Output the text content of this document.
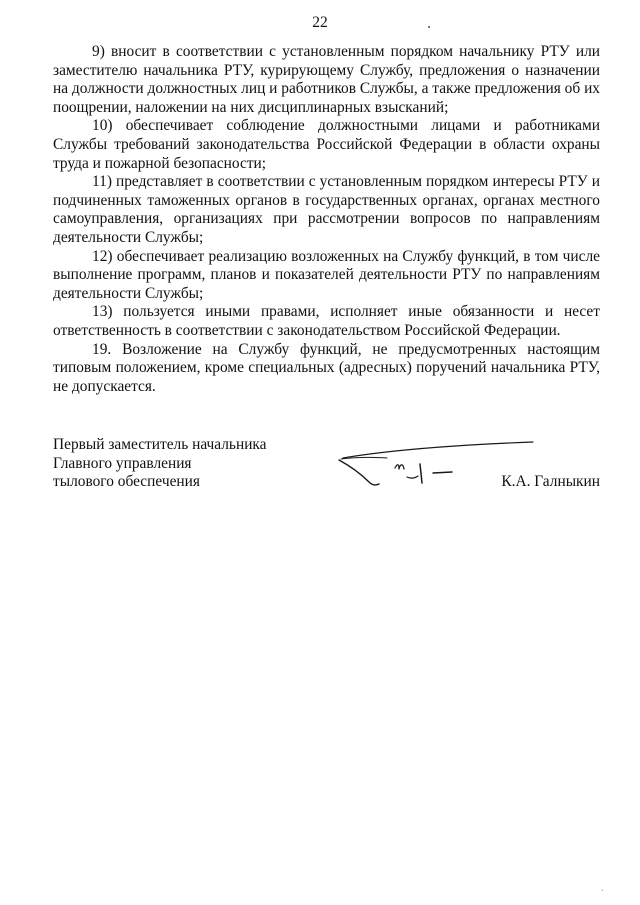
22

9) вносит в соответствии с установленным порядком начальнику РТУ или заместителю начальника РТУ, курирующему Службу, предложения о назначении на должности должностных лиц и работников Службы, а также предложения об их поощрении, наложении на них дисциплинарных взысканий;

10) обеспечивает соблюдение должностными лицами и работниками Службы требований законодательства Российской Федерации в области охраны труда и пожарной безопасности;

11) представляет в соответствии с установленным порядком интересы РТУ и подчиненных таможенных органов в государственных органах, органах местного самоуправления, организациях при рассмотрении вопросов по направлениям деятельности Службы;

12) обеспечивает реализацию возложенных на Службу функций, в том числе выполнение программ, планов и показателей деятельности РТУ по направлениям деятельности Службы;

13) пользуется иными правами, исполняет иные обязанности и несет ответственность в соответствии с законодательством Российской Федерации.

19. Возложение на Службу функций, не предусмотренных настоящим типовым положением, кроме специальных (адресных) поручений начальника РТУ, не допускается.

Первый заместитель начальника
Главного управления
тылового обеспечения	К.А. Галныкин
ˎ
